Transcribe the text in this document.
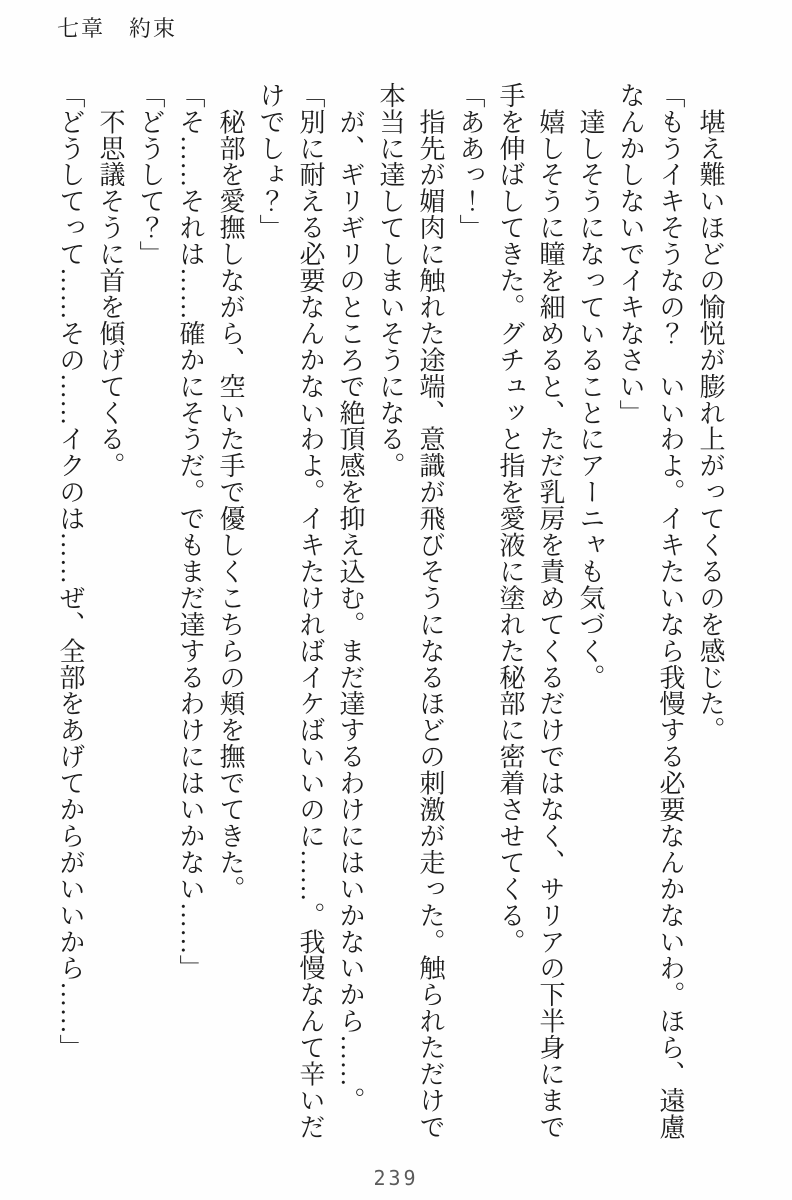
七章　約束
　堪え難いほどの愉悦が膨れ上がってくるのを感じた。
「もうイキそうなの？　いいわよ。イキたいなら我慢する必要なんかないわ。ほら、遠慮
なんかしないでイキなさい」
　達しそうになっていることにアーニャも気づく。
　嬉しそうに瞳を細めると、ただ乳房を責めてくるだけではなく、サリアの下半身にまで
手を伸ばしてきた。グチュッと指を愛液に塗れた秘部に密着させてくる。
「ああっ！」
　指先が媚肉に触れた途端、意識が飛びそうになるほどの刺激が走った。触られただけで
本当に達してしまいそうになる。
　が、ギリギリのところで絶頂感を抑え込む。まだ達するわけにはいかないから……。
「別に耐える必要なんかないわよ。イキたければイケばいいのに……。我慢なんて辛いだ
けでしょ？」
　秘部を愛撫しながら、空いた手で優しくこちらの頬を撫でてきた。
「そ……それは……確かにそうだ。でもまだ達するわけにはいかない……」
「どうして？」
　不思議そうに首を傾げてくる。
「どうしてって……その……イクのは……ぜ、全部をあげてからがいいから……」
239
